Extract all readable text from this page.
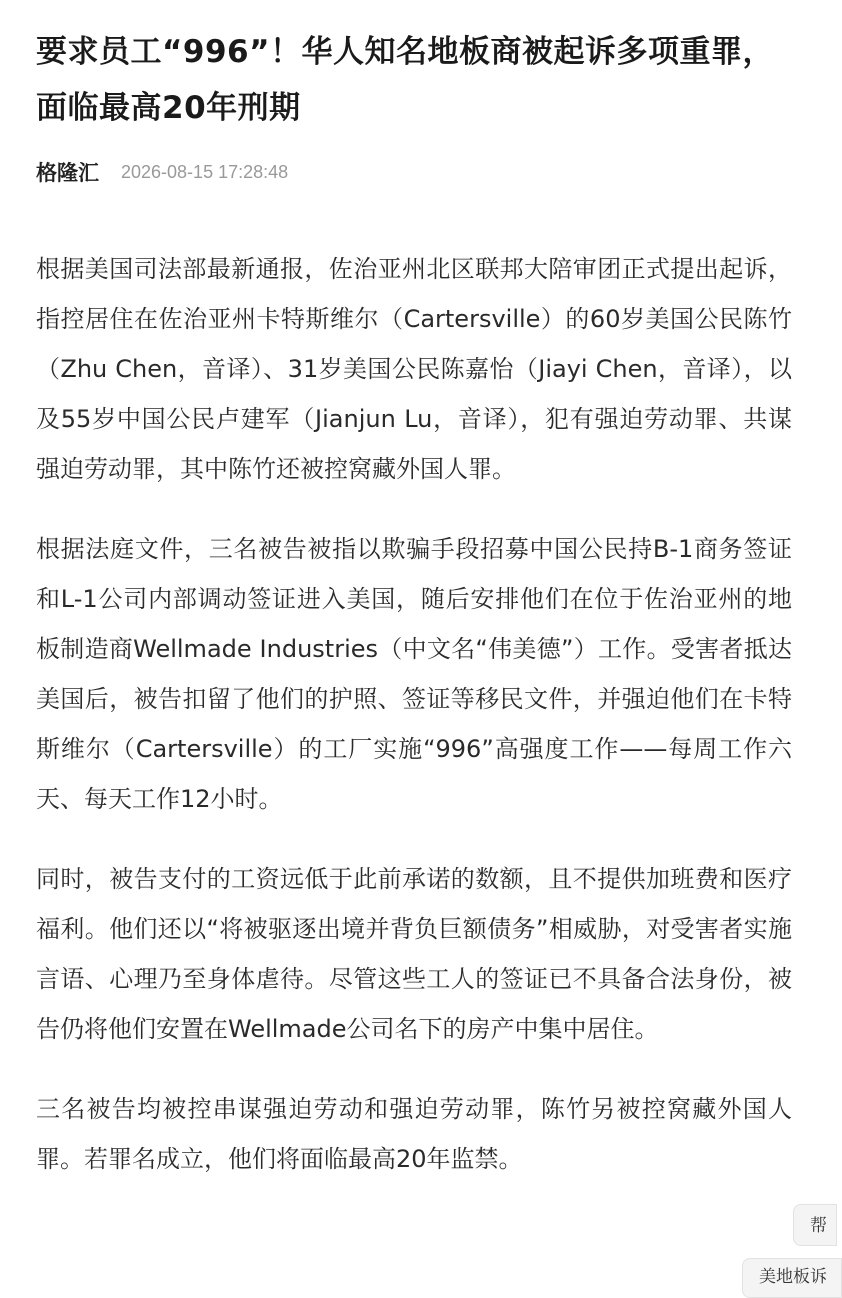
要求员工“996”！华人知名地板商被起诉多项重罪，面临最高20年刑期
格隆汇 2026-08-15 17:28:48

根据美国司法部最新通报，佐治亚州北区联邦大陪审团正式提出起诉，指控居住在佐治亚州卡特斯维尔（Cartersville）的60岁美国公民陈竹（Zhu Chen，音译）、31岁美国公民陈嘉怡（Jiayi Chen，音译），以及55岁中国公民卢建军（Jianjun Lu，音译），犯有强迫劳动罪、共谋强迫劳动罪，其中陈竹还被控窝藏外国人罪。

根据法庭文件，三名被告被指以欺骗手段招募中国公民持B-1商务签证和L-1公司内部调动签证进入美国，随后安排他们在位于佐治亚州的地板制造商Wellmade Industries（中文名“伟美德”）工作。受害者抵达美国后，被告扣留了他们的护照、签证等移民文件，并强迫他们在卡特斯维尔（Cartersville）的工厂实施“996”高强度工作——每周工作六天、每天工作12小时。

同时，被告支付的工资远低于此前承诺的数额，且不提供加班费和医疗福利。他们还以“将被驱逐出境并背负巨额债务”相威胁，对受害者实施言语、心理乃至身体虐待。尽管这些工人的签证已不具备合法身份，被告仍将他们安置在Wellmade公司名下的房产中集中居住。

三名被告均被控串谋强迫劳动和强迫劳动罪，陈竹另被控窝藏外国人罪。若罪名成立，他们将面临最高20年监禁。

帮
美地板诉
